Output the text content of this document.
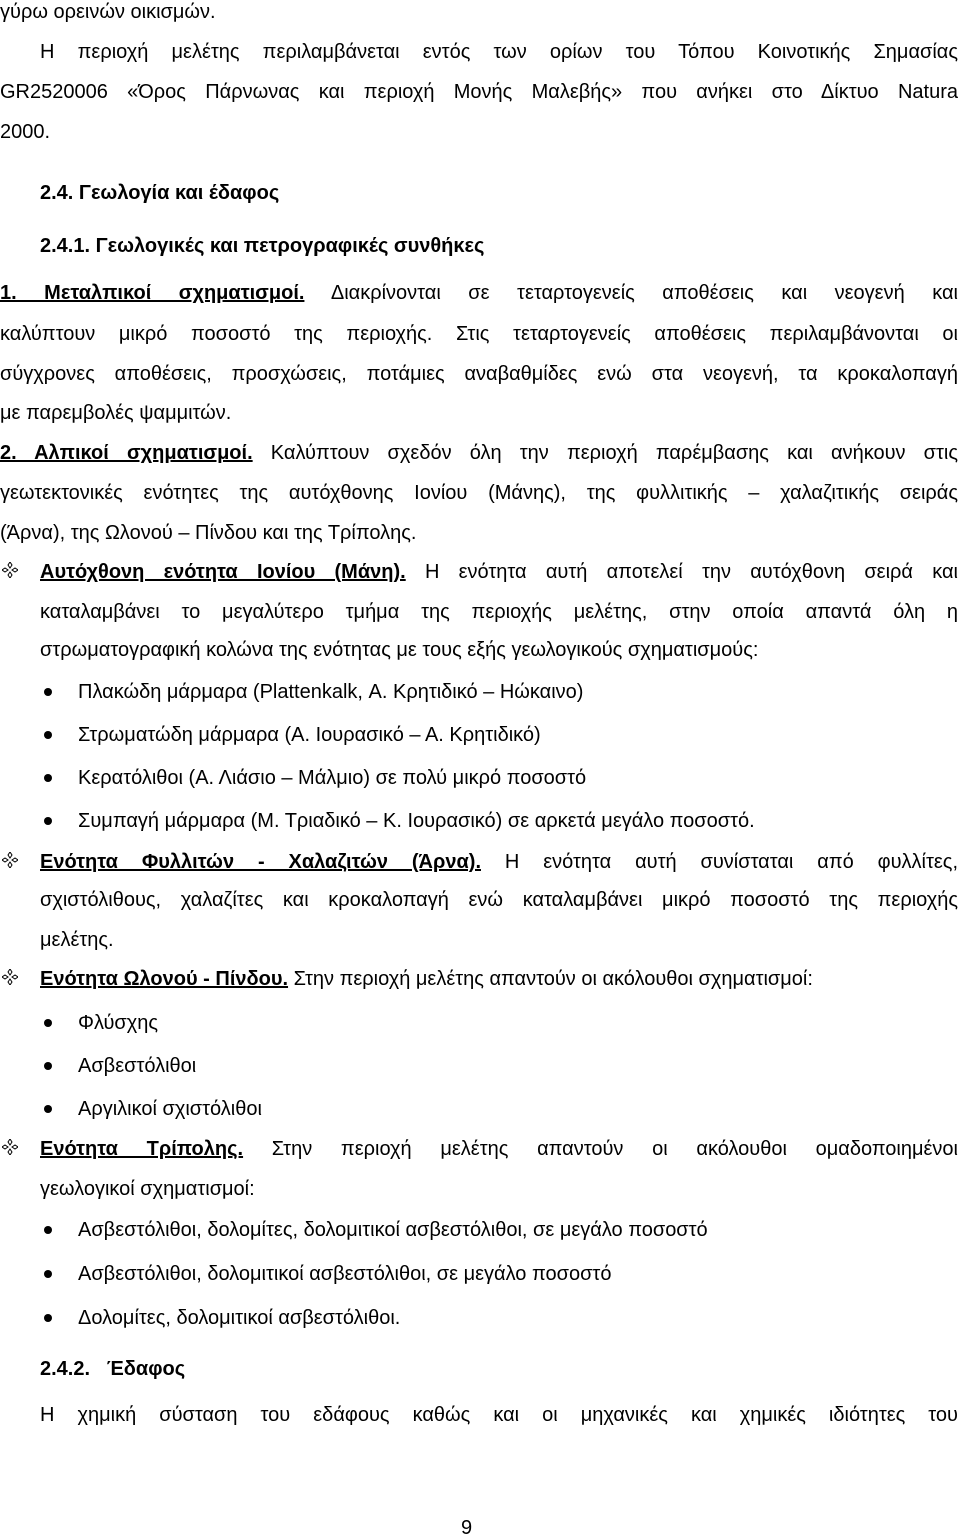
γύρω ορεινών οικισμών.
Η περιοχή μελέτης περιλαμβάνεται εντός των ορίων του Τόπου Κοινοτικής Σημασίας
GR2520006 «Όρος Πάρνωνας και περιοχή Μονής Μαλεβής» που ανήκει στο Δίκτυο Natura
2000.
2.4. Γεωλογία και έδαφος
2.4.1. Γεωλογικές και πετρογραφικές συνθήκες
1. Μεταλπικοί σχηματισμοί. Διακρίνονται σε τεταρτογενείς αποθέσεις και νεογενή και
καλύπτουν μικρό ποσοστό της περιοχής. Στις τεταρτογενείς αποθέσεις περιλαμβάνονται οι
σύγχρονες αποθέσεις, προσχώσεις, ποτάμιες αναβαθμίδες ενώ στα νεογενή, τα κροκαλοπαγή
με παρεμβολές ψαμμιτών.
2. Αλπικοί σχηματισμοί. Καλύπτουν σχεδόν όλη την περιοχή παρέμβασης και ανήκουν στις
γεωτεκτονικές ενότητες της αυτόχθονης Ιονίου (Μάνης), της φυλλιτικής – χαλαζιτικής σειράς
(Άρνα), της Ωλονού – Πίνδου και της Τρίπολης.
Αυτόχθονη ενότητα Ιονίου (Μάνη). Η ενότητα αυτή αποτελεί την αυτόχθονη σειρά και
καταλαμβάνει το μεγαλύτερο τμήμα της περιοχής μελέτης, στην οποία απαντά όλη η
στρωματογραφική κολώνα της ενότητας με τους εξής γεωλογικούς σχηματισμούς:
Πλακώδη μάρμαρα (Plattenkalk, Α. Κρητιδικό – Ηώκαινο)
Στρωματώδη μάρμαρα (Α. Ιουρασικό – Α. Κρητιδικό)
Κερατόλιθοι (Α. Λιάσιο – Μάλμιο) σε πολύ μικρό ποσοστό
Συμπαγή μάρμαρα (Μ. Τριαδικό – Κ. Ιουρασικό) σε αρκετά μεγάλο ποσοστό.
Ενότητα Φυλλιτών - Χαλαζιτών (Άρνα). Η ενότητα αυτή συνίσταται από φυλλίτες,
σχιστόλιθους, χαλαζίτες και κροκαλοπαγή ενώ καταλαμβάνει μικρό ποσοστό της περιοχής
μελέτης.
Ενότητα Ωλονού - Πίνδου. Στην περιοχή μελέτης απαντούν οι ακόλουθοι σχηματισμοί:
Φλύσχης
Ασβεστόλιθοι
Αργιλικοί σχιστόλιθοι
Ενότητα Τρίπολης. Στην περιοχή μελέτης απαντούν οι ακόλουθοι ομαδοποιημένοι
γεωλογικοί σχηματισμοί:
Ασβεστόλιθοι, δολομίτες, δολομιτικοί ασβεστόλιθοι, σε μεγάλο ποσοστό
Ασβεστόλιθοι, δολομιτικοί ασβεστόλιθοι, σε μεγάλο ποσοστό
Δολομίτες, δολομιτικοί ασβεστόλιθοι.
2.4.2.   Έδαφος
Η χημική σύσταση του εδάφους καθώς και οι μηχανικές και χημικές ιδιότητες του
9
